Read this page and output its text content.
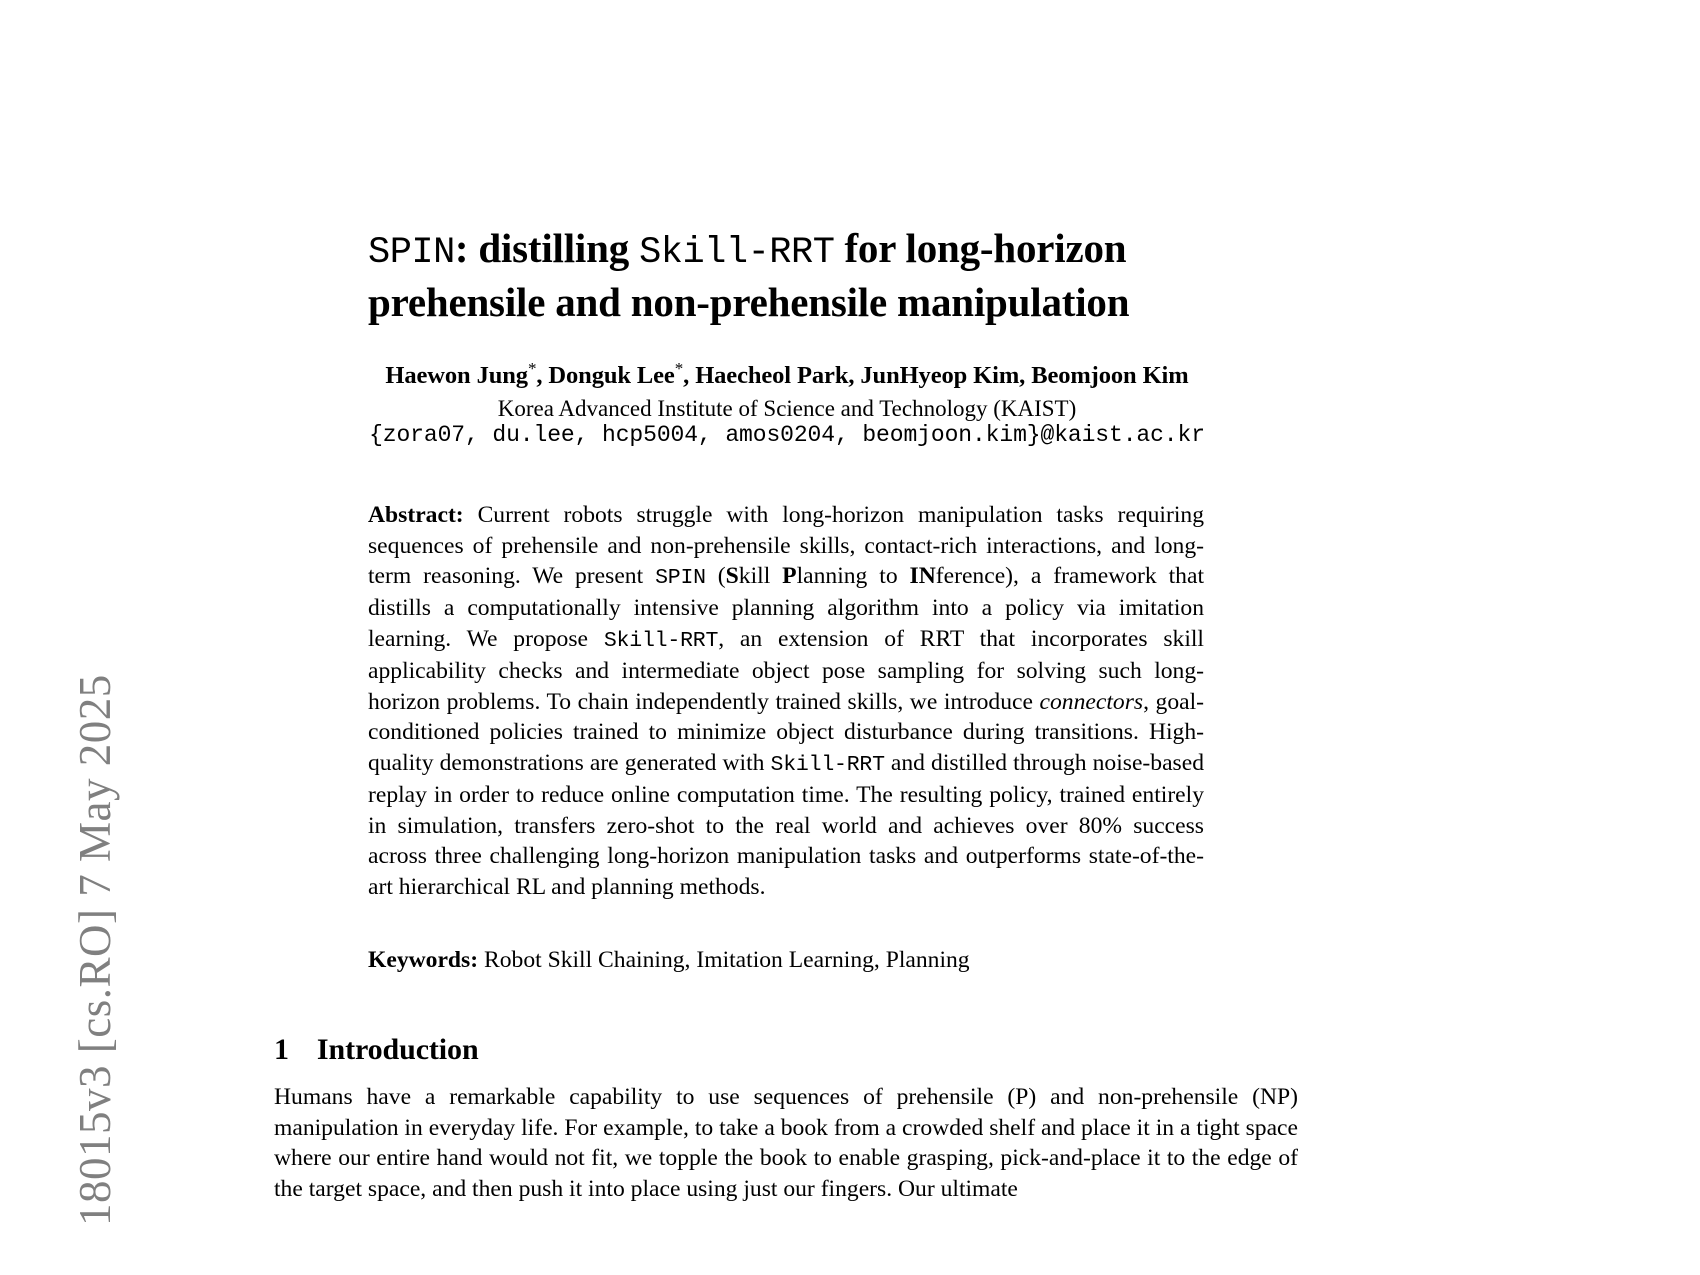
18015v3 [cs.RO] 7 May 2025
SPIN: distilling Skill-RRT for long-horizon prehensile and non-prehensile manipulation
Haewon Jung*, Donguk Lee*, Haecheol Park, JunHyeop Kim, Beomjoon Kim
Korea Advanced Institute of Science and Technology (KAIST)
{zora07, du.lee, hcp5004, amos0204, beomjoon.kim}@kaist.ac.kr
Abstract: Current robots struggle with long-horizon manipulation tasks requiring sequences of prehensile and non-prehensile skills, contact-rich interactions, and long-term reasoning. We present SPIN (Skill Planning to INference), a framework that distills a computationally intensive planning algorithm into a policy via imitation learning. We propose Skill-RRT, an extension of RRT that incorporates skill applicability checks and intermediate object pose sampling for solving such long-horizon problems. To chain independently trained skills, we introduce connectors, goal-conditioned policies trained to minimize object disturbance during transitions. High-quality demonstrations are generated with Skill-RRT and distilled through noise-based replay in order to reduce online computation time. The resulting policy, trained entirely in simulation, transfers zero-shot to the real world and achieves over 80% success across three challenging long-horizon manipulation tasks and outperforms state-of-the-art hierarchical RL and planning methods.
Keywords: Robot Skill Chaining, Imitation Learning, Planning
1 Introduction

Humans have a remarkable capability to use sequences of prehensile (P) and non-prehensile (NP) manipulation in everyday life. For example, to take a book from a crowded shelf and place it in a tight space where our entire hand would not fit, we topple the book to enable grasping, pick-and-place it to the edge of the target space, and then push it into place using just our fingers. Our ultimate
